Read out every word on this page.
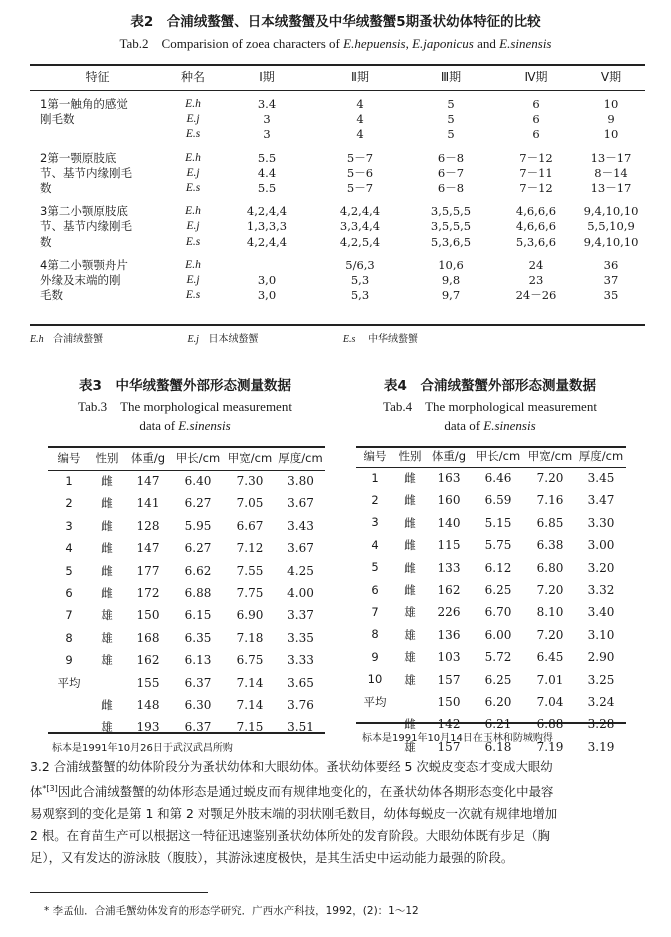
表2　合浦绒螯蟹、日本绒螯蟹及中华绒螯蟹5期蚤状幼体特征的比较
Tab.2　Comparision of zoea characters of E.hepuensis, E.japonicus and E.sinensis
特征	种名	Ⅰ期	Ⅱ期	Ⅲ期	Ⅳ期	Ⅴ期

1第一触角的感觉
刚毛数	E.h	3.4	4	5	6	10
	E.j	3	4	5	6	9
	E.s	3	4	5	6	10

2第一颚原肢底
节、基节内缘刚毛
数	E.h	5.5	5－7	6－8	7－12	13－17
	E.j	4.4	5－6	6－7	7－11	8－14
	E.s	5.5	5－7	6－8	7－12	13－17

3第二小颚原肢底
节、基节内缘刚毛
数	E.h	4,2,4,4	4,2,4,4	3,5,5,5	4,6,6,6	9,4,10,10
	E.j	1,3,3,3	3,3,4,4	3,5,5,5	4,6,6,6	5,5,10,9
	E.s	4,2,4,4	4,2,5,4	5,3,6,5	5,3,6,6	9,4,10,10

4第二小颚颚舟片
外缘及末端的刚
毛数	E.h		5/6,3	10,6	24	36
	E.j	3,0	5,3	9,8	23	37
	E.s	3,0	5,3	9,7	24－26	35
E.h 合浦绒螯蟹	E.j 日本绒螯蟹	E.s 中华绒螯蟹
表3　中华绒螯蟹外部形态测量数据
Tab.3　The morphological measurement
data of E.sinensis
编号	性别	体重/g	甲长/cm	甲宽/cm	厚度/cm
1	雌	147	6.40	7.30	3.80
2	雌	141	6.27	7.05	3.67
3	雌	128	5.95	6.67	3.43
4	雌	147	6.27	7.12	3.67
5	雌	177	6.62	7.55	4.25
6	雌	172	6.88	7.75	4.00
7	雄	150	6.15	6.90	3.37
8	雄	168	6.35	7.18	3.35
9	雄	162	6.13	6.75	3.33
平均		155	6.37	7.14	3.65
	雌	148	6.30	7.14	3.76
	雄	193	6.37	7.15	3.51
标本是1991年10月26日于武汉武昌所购
表4　合浦绒螯蟹外部形态测量数据
Tab.4　The morphological measurement
data of E.sinensis
编号	性别	体重/g	甲长/cm	甲宽/cm	厚度/cm
1	雌	163	6.46	7.20	3.45
2	雌	160	6.59	7.16	3.47
3	雌	140	5.15	6.85	3.30
4	雌	115	5.75	6.38	3.00
5	雌	133	6.12	6.80	3.20
6	雌	162	6.25	7.20	3.32
7	雄	226	6.70	8.10	3.40
8	雄	136	6.00	7.20	3.10
9	雄	103	5.72	6.45	2.90
10	雄	157	6.25	7.01	3.25
平均		150	6.20	7.04	3.24
	雌	142	6.21	6.88	3.28
	雄	157	6.18	7.19	3.19
标本是1991年10月14日在玉林和防城购得
3.2 合浦绒螯蟹的幼体阶段分为蚤状幼体和大眼幼体。蚤状幼体要经 5 次蜕皮变态才变成大眼幼
体$^{*[3]}$因此合浦绒螯蟹的幼体形态是通过蜕皮而有规律地变化的，在蚤状幼体各期形态变化中最容
易观察到的变化是第 1 和第 2 对颚足外肢末端的羽状刚毛数目，幼体每蜕皮一次就有规律地增加
2 根。在育苗生产可以根据这一特征迅速鉴别蚤状幼体所处的发育阶段。大眼幼体既有步足（胸
足），又有发达的游泳肢（腹肢），其游泳速度极快，是其生活史中运动能力最强的阶段。
* 李孟仙．合浦毛蟹幼体发育的形态学研究．广西水产科技，1992，(2)：1～12
